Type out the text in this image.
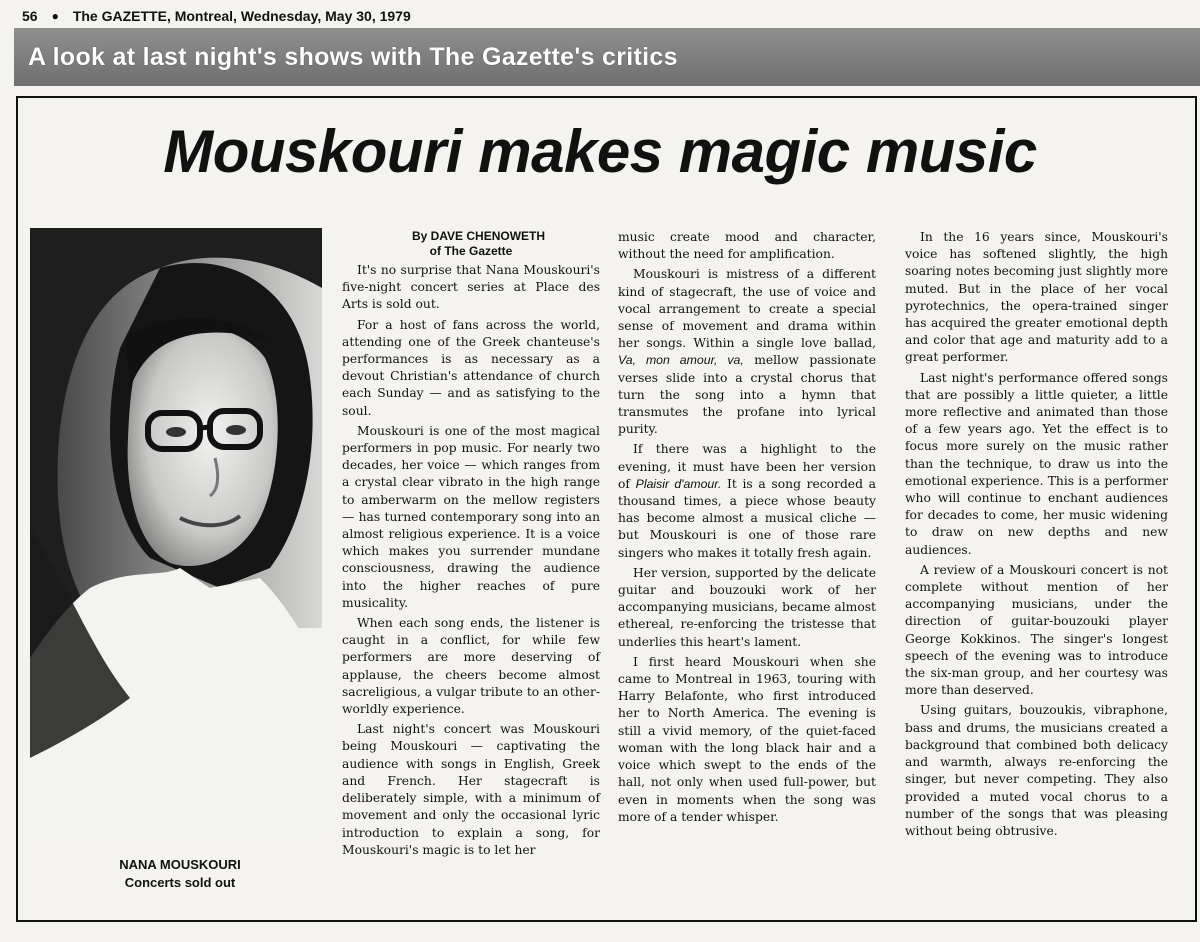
56 ● The GAZETTE, Montreal, Wednesday, May 30, 1979
A look at last night's shows with The Gazette's critics
Mouskouri makes magic music
NANA MOUSKOURI
Concerts sold out

By DAVE CHENOWETH
of The Gazette

It's no surprise that Nana Mouskouri's five-night concert series at Place des Arts is sold out.

For a host of fans across the world, attending one of the Greek chanteuse's performances is as necessary as a devout Christian's attendance of church each Sunday — and as satisfying to the soul.

Mouskouri is one of the most magical performers in pop music. For nearly two decades, her voice — which ranges from a crystal clear vibrato in the high range to amberwarm on the mellow registers — has turned contemporary song into an almost religious experience. It is a voice which makes you surrender mundane consciousness, drawing the audience into the higher reaches of pure musicality.

When each song ends, the listener is caught in a conflict, for while few performers are more deserving of applause, the cheers become almost sacreligious, a vulgar tribute to an other-worldly experience.

Last night's concert was Mouskouri being Mouskouri — captivating the audience with songs in English, Greek and French. Her stagecraft is deliberately simple, with a minimum of movement and only the occasional lyric introduction to explain a song, for Mouskouri's magic is to let her

music create mood and character, without the need for amplification.

Mouskouri is mistress of a different kind of stagecraft, the use of voice and vocal arrangement to create a special sense of movement and drama within her songs. Within a single love ballad, Va, mon amour, va, mellow passionate verses slide into a crystal chorus that turn the song into a hymn that transmutes the profane into lyrical purity.

If there was a highlight to the evening, it must have been her version of Plaisir d'amour. It is a song recorded a thousand times, a piece whose beauty has become almost a musical cliche — but Mouskouri is one of those rare singers who makes it totally fresh again.

Her version, supported by the delicate guitar and bouzouki work of her accompanying musicians, became almost ethereal, re-enforcing the tristesse that underlies this heart's lament.

I first heard Mouskouri when she came to Montreal in 1963, touring with Harry Belafonte, who first introduced her to North America. The evening is still a vivid memory, of the quiet-faced woman with the long black hair and a voice which swept to the ends of the hall, not only when used full-power, but even in moments when the song was more of a tender whisper.

In the 16 years since, Mouskouri's voice has softened slightly, the high soaring notes becoming just slightly more muted. But in the place of her vocal pyrotechnics, the opera-trained singer has acquired the greater emotional depth and color that age and maturity add to a great performer.

Last night's performance offered songs that are possibly a little quieter, a little more reflective and animated than those of a few years ago. Yet the effect is to focus more surely on the music rather than the technique, to draw us into the emotional experience. This is a performer who will continue to enchant audiences for decades to come, her music widening to draw on new depths and new audiences.

A review of a Mouskouri concert is not complete without mention of her accompanying musicians, under the direction of guitar-bouzouki player George Kokkinos. The singer's longest speech of the evening was to introduce the six-man group, and her courtesy was more than deserved.

Using guitars, bouzoukis, vibraphone, bass and drums, the musicians created a background that combined both delicacy and warmth, always re-enforcing the singer, but never competing. They also provided a muted vocal chorus to a number of the songs that was pleasing without being obtrusive.
